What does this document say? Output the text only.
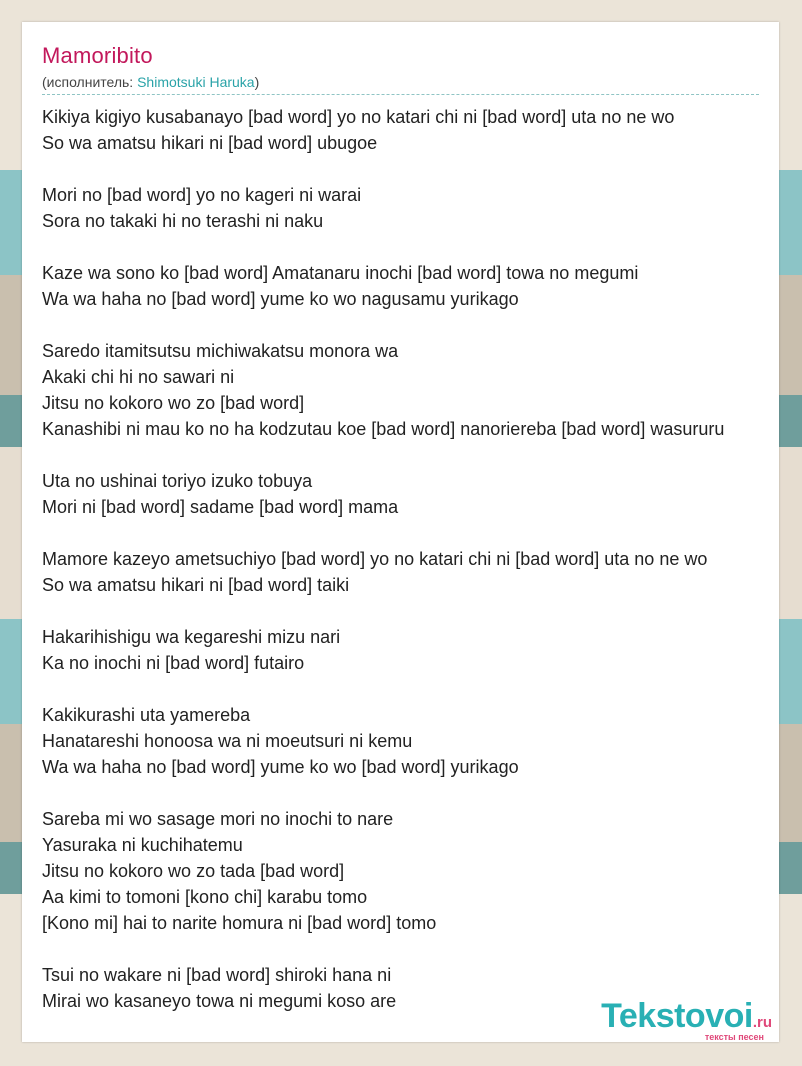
Mamoribito
(исполнитель: Shimotsuki Haruka)
Kikiya kigiyo kusabanayo [bad word] yo no katari chi ni [bad word] uta no ne wo
So wa amatsu hikari ni [bad word] ubugoe
Mori no [bad word] yo no kageri ni warai
Sora no takaki hi no terashi ni naku
Kaze wa sono ko [bad word] Amatanaru inochi [bad word] towa no megumi
Wa wa haha no [bad word] yume ko wo nagusamu yurikago
Saredo itamitsutsu michiwakatsu monora wa
Akaki chi hi no sawari ni
Jitsu no kokoro wo zo [bad word]
Kanashibi ni mau ko no ha kodzutau koe [bad word] nanoriereba [bad word] wasururu
Uta no ushinai toriyo izuko tobuya
Mori ni [bad word] sadame [bad word] mama
Mamore kazeyo ametsuchiyo [bad word] yo no katari chi ni [bad word] uta no ne wo
So wa amatsu hikari ni [bad word] taiki
Hakarihishigu wa kegareshi mizu nari
Ka no inochi ni [bad word] futairo
Kakikurashi uta yamereba
Hanatareshi honoosa wa ni moeutsuri ni kemu
Wa wa haha no [bad word] yume ko wo [bad word] yurikago
Sareba mi wo sasage mori no inochi to nare
Yasuraka ni kuchihatemu
Jitsu no kokoro wo zo tada [bad word]
Aa kimi to tomoni [kono chi] karabu tomo
[Kono mi] hai to narite homura ni [bad word] tomo
Tsui no wakare ni [bad word] shiroki hana ni
Mirai wo kasaneyo towa ni megumi koso are	Tekstovoi.ru
тексты песен
